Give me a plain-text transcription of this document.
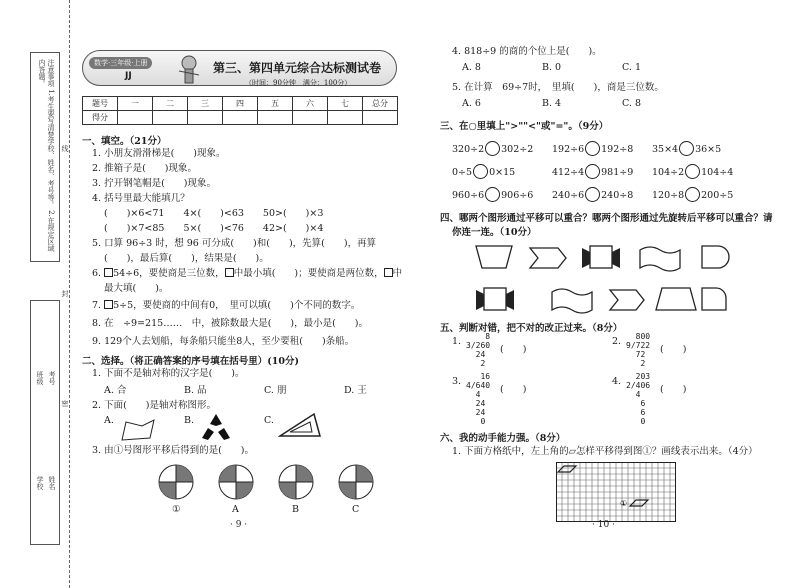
注意事项 1.考生要写清楚学校、姓名、考号等。 2.在规定区域内答题。
线
封
密
班级 考号
学校 姓名
数学·三年级·上册
JJ
第三、第四单元综合达标测试卷
（时间：90分钟　满分：100分）
题号	一	二	三	四	五	六	七	总分
得分								
一、填空。（21分）
1. 小朋友滑滑梯是(　　)现象。
2. 推箱子是(　　)现象。
3. 拧开钢笔帽是(　　)现象。
4. 括号里最大能填几？
(　　)×6<71　　4×(　　)<63　　50>(　　)×3
(　　)×7<85　　5×(　　)<76　　42>(　　)×4
5. 口算 96÷3 时，想 96 可分成(　　)和(　　)，先算(　　)，再算
(　　)，最后算(　　)，结果是(　　)。
6. 54÷6，要使商是三位数， 中最小填(　　)；要使商是两位数， 中
最大填(　　)。
7. 5÷5，要使商的中间有0，　里可以填(　　)个不同的数字。
8. 在　÷9=215……　中，被除数最大是(　　)，最小是(　　)。
9. 129个人去划船，每条船只能坐8人，至少要租(　　)条船。
二、选择。（将正确答案的序号填在括号里）(10分)
1. 下面不是轴对称的汉字是(　　)。
A. 合	B. 品	C. 朋	D. 王
2. 下面(　　)是轴对称图形。
A.	B.	C.
3. 由①号图形平移后得到的是(　　)。
①	A	B	C
· 9 ·
4. 818÷9 的商的个位上是(　　)。
A. 8	B. 0	C. 1
5. 在计算　69÷7时，　里填(　　)，商是三位数。
A. 6	B. 4	C. 8
三、在○里填上">""<"或"="。（9分）
320÷2 302÷2 192÷6 192÷8 35×4 36×5
0÷5 0×15	412÷4 981÷9 104÷2 104÷4
960÷6 906÷6 240÷6 240÷8 120÷8 200÷5
四、哪两个图形通过平移可以重合？哪两个图形通过先旋转后平移可以重合？请
你连一连。（10分）
五、判断对错，把不对的改正过来。（8分）
1.	8
3/260
24
2
(　　)
2.	800
9/722
72
2
(　　)
3.	16
4/640
4
24
24
0
(　　)
4.	203
2/406
4
6
6
0
(　　)
六、我的动手能力强。（8分）
1. 下面方格纸中，左上角的▱怎样平移得到图①？画线表示出来。（4分）
①
· 10 ·
